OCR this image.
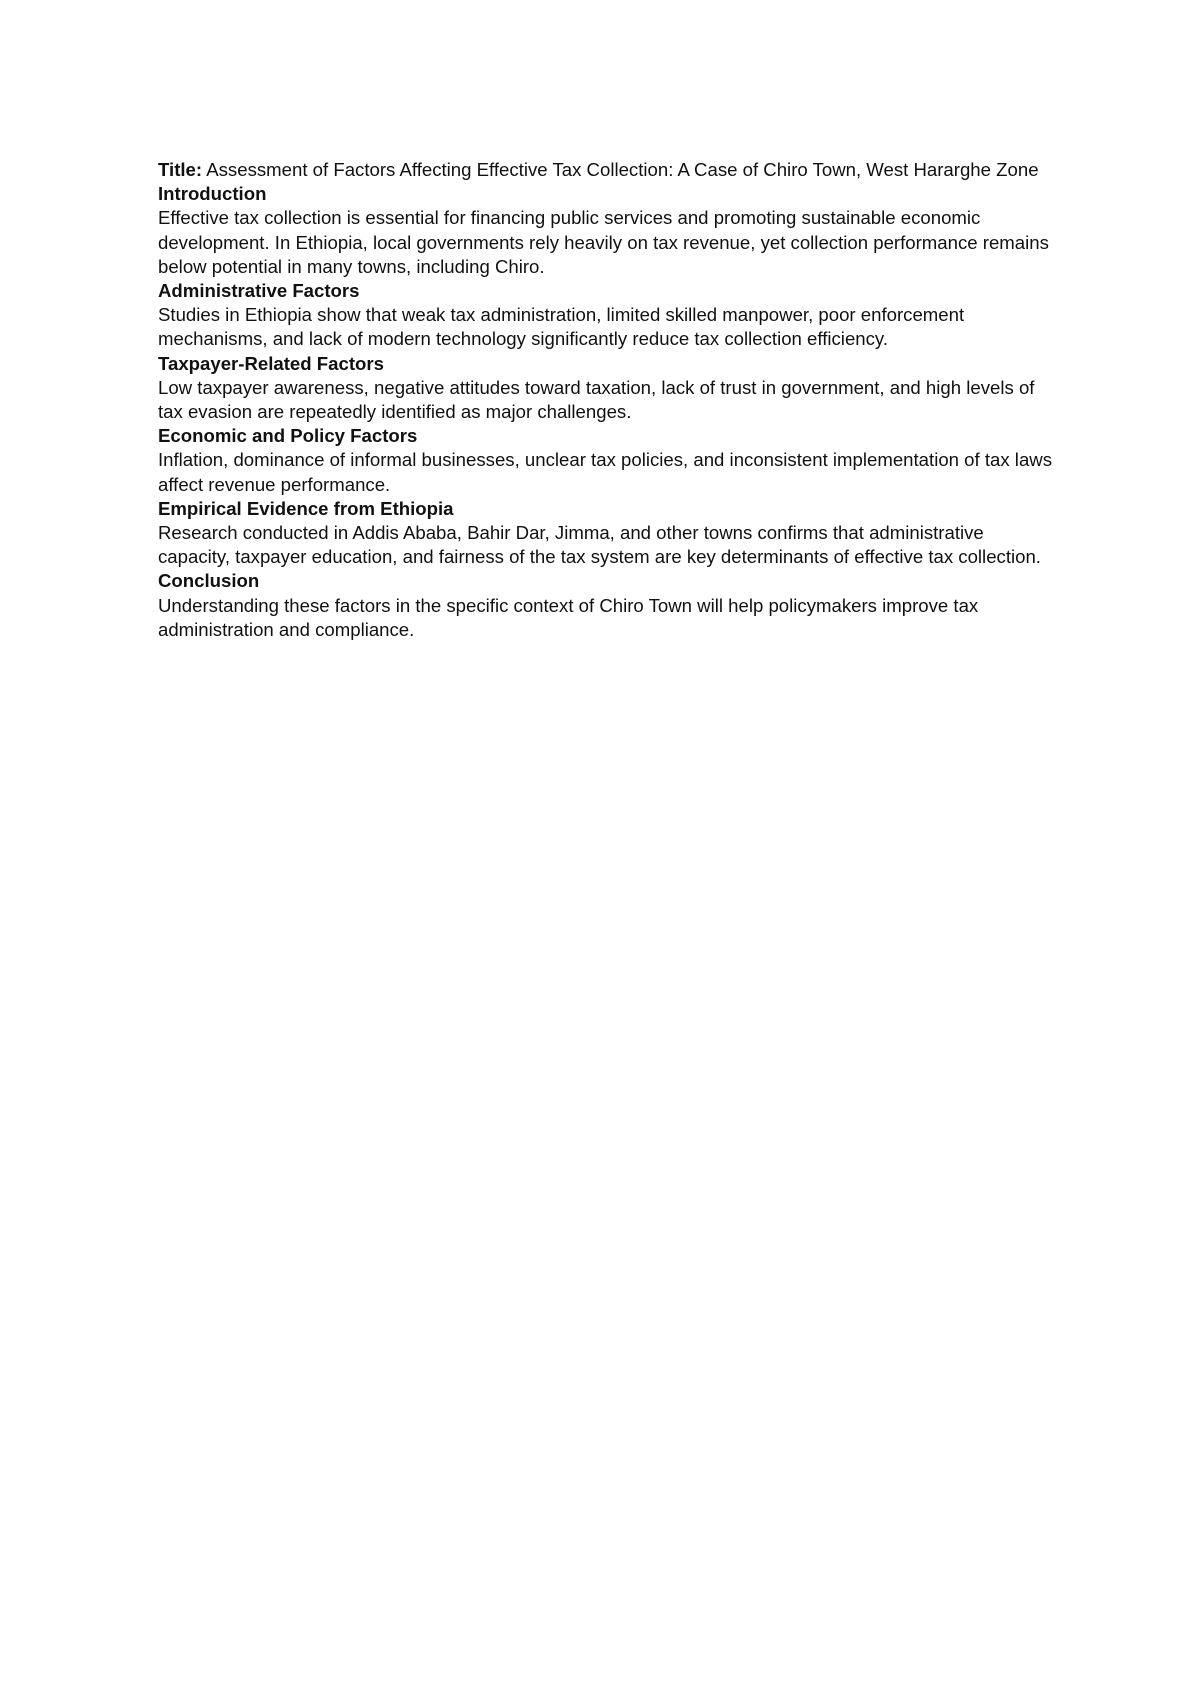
Title: Assessment of Factors Affecting Effective Tax Collection: A Case of Chiro Town, West Hararghe Zone

Introduction

Effective tax collection is essential for financing public services and promoting sustainable economic development. In Ethiopia, local governments rely heavily on tax revenue, yet collection performance remains below potential in many towns, including Chiro.

Administrative Factors

Studies in Ethiopia show that weak tax administration, limited skilled manpower, poor enforcement mechanisms, and lack of modern technology significantly reduce tax collection efficiency.

Taxpayer-Related Factors

Low taxpayer awareness, negative attitudes toward taxation, lack of trust in government, and high levels of tax evasion are repeatedly identified as major challenges.

Economic and Policy Factors

Inflation, dominance of informal businesses, unclear tax policies, and inconsistent implementation of tax laws affect revenue performance.

Empirical Evidence from Ethiopia

Research conducted in Addis Ababa, Bahir Dar, Jimma, and other towns confirms that administrative capacity, taxpayer education, and fairness of the tax system are key determinants of effective tax collection.

Conclusion

Understanding these factors in the specific context of Chiro Town will help policymakers improve tax administration and compliance.
